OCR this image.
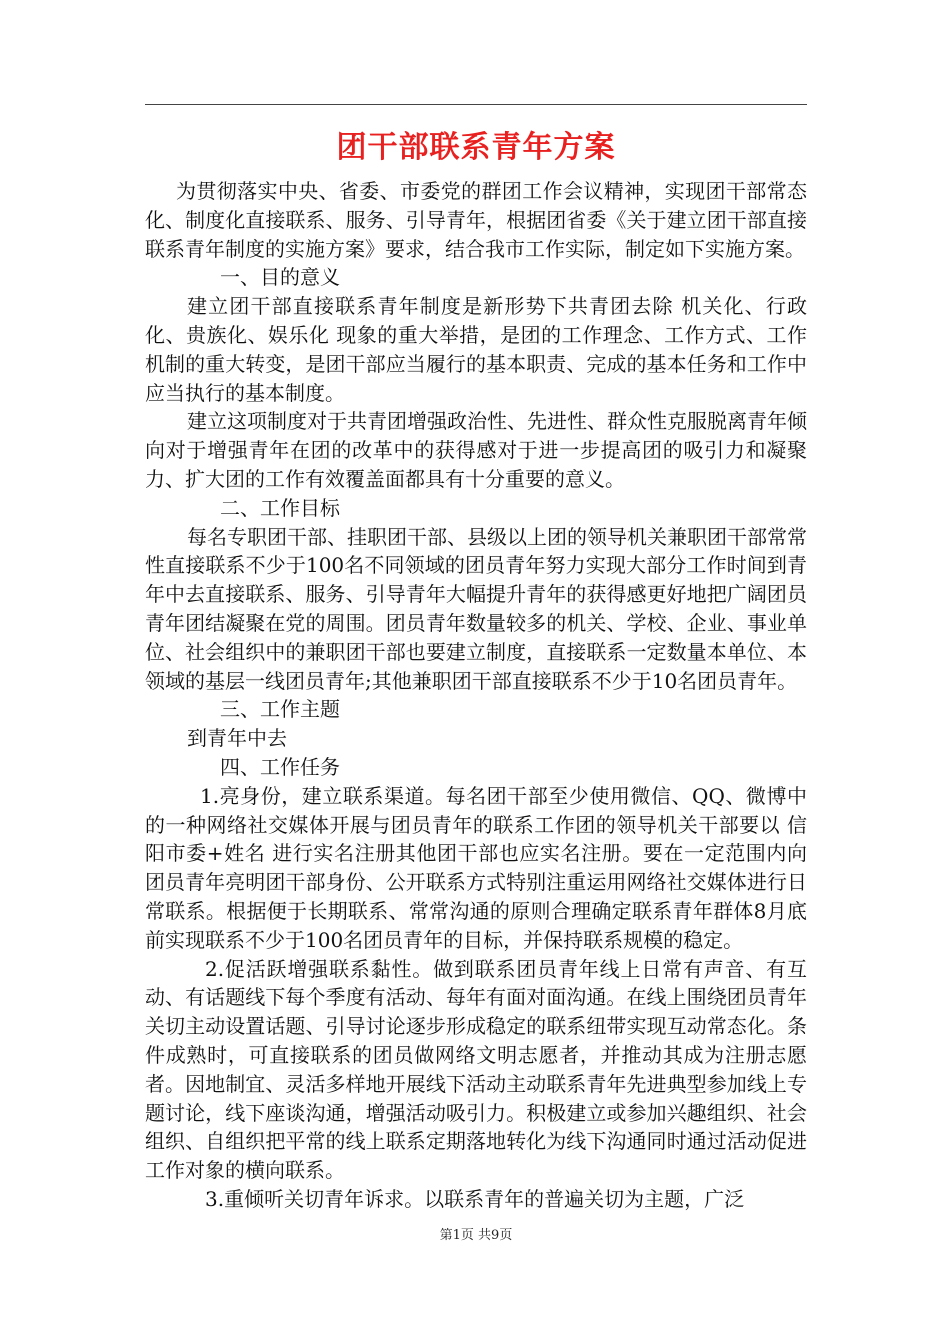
团干部联系青年方案

为贯彻落实中央、省委、市委党的群团工作会议精神，实现团干部常态化、制度化直接联系、服务、引导青年，根据团省委《关于建立团干部直接联系青年制度的实施方案》要求，结合我市工作实际，制定如下实施方案。

一、目的意义

建立团干部直接联系青年制度是新形势下共青团去除 机关化、行政化、贵族化、娱乐化 现象的重大举措，是团的工作理念、工作方式、工作机制的重大转变，是团干部应当履行的基本职责、完成的基本任务和工作中应当执行的基本制度。

建立这项制度对于共青团增强政治性、先进性、群众性克服脱离青年倾向对于增强青年在团的改革中的获得感对于进一步提高团的吸引力和凝聚力、扩大团的工作有效覆盖面都具有十分重要的意义。

二、工作目标

每名专职团干部、挂职团干部、县级以上团的领导机关兼职团干部常常性直接联系不少于100名不同领域的团员青年努力实现大部分工作时间到青年中去直接联系、服务、引导青年大幅提升青年的获得感更好地把广阔团员青年团结凝聚在党的周围。团员青年数量较多的机关、学校、企业、事业单位、社会组织中的兼职团干部也要建立制度，直接联系一定数量本单位、本领域的基层一线团员青年;其他兼职团干部直接联系不少于10名团员青年。

三、工作主题

到青年中去

四、工作任务

1.亮身份，建立联系渠道。每名团干部至少使用微信、QQ、微博中的一种网络社交媒体开展与团员青年的联系工作团的领导机关干部要以 信阳市委+姓名 进行实名注册其他团干部也应实名注册。要在一定范围内向团员青年亮明团干部身份、公开联系方式特别注重运用网络社交媒体进行日常联系。根据便于长期联系、常常沟通的原则合理确定联系青年群体8月底前实现联系不少于100名团员青年的目标，并保持联系规模的稳定。

2.促活跃增强联系黏性。做到联系团员青年线上日常有声音、有互动、有话题线下每个季度有活动、每年有面对面沟通。在线上围绕团员青年关切主动设置话题、引导讨论逐步形成稳定的联系纽带实现互动常态化。条件成熟时，可直接联系的团员做网络文明志愿者，并推动其成为注册志愿者。因地制宜、灵活多样地开展线下活动主动联系青年先进典型参加线上专题讨论，线下座谈沟通，增强活动吸引力。积极建立或参加兴趣组织、社会组织、自组织把平常的线上联系定期落地转化为线下沟通同时通过活动促进工作对象的横向联系。

3.重倾听关切青年诉求。以联系青年的普遍关切为主题，广泛

第1页 共9页
